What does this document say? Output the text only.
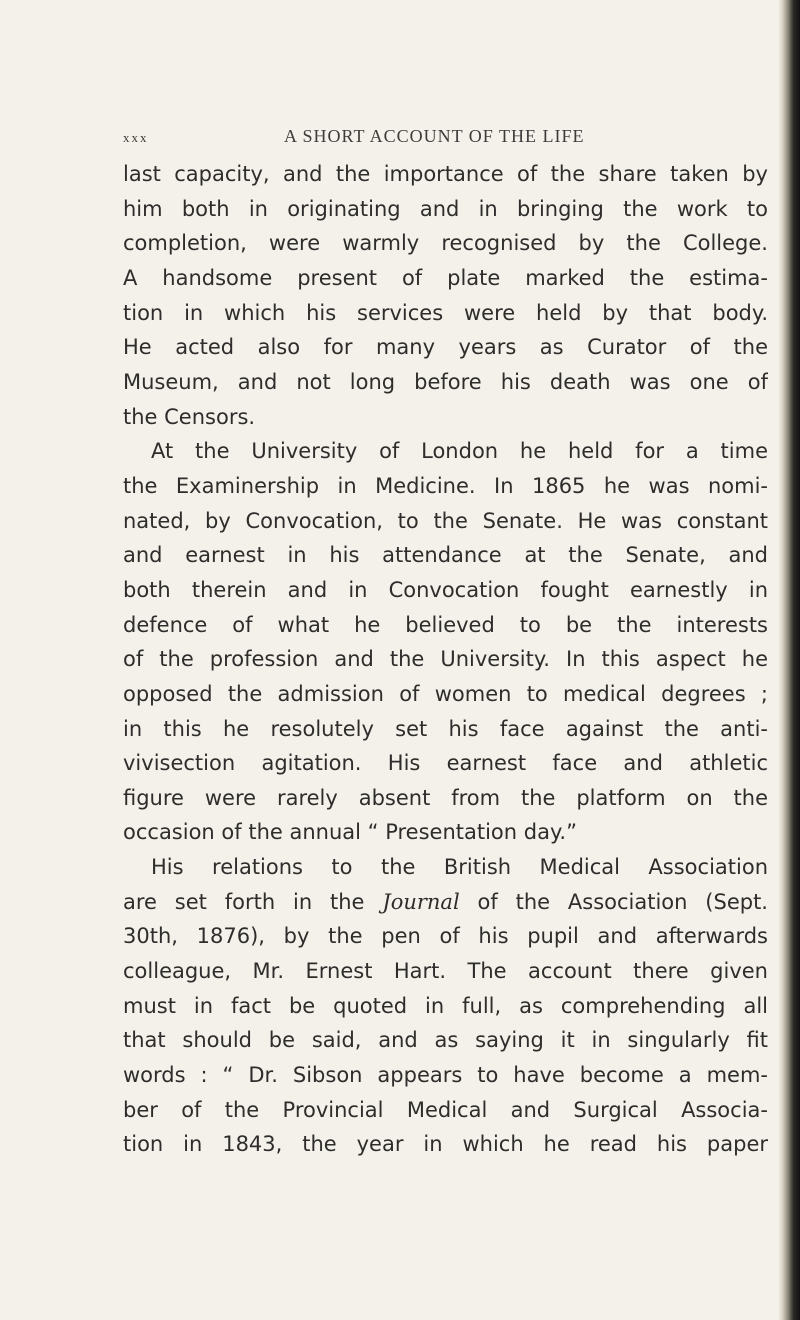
xxx	A SHORT ACCOUNT OF THE LIFE
last capacity, and the importance of the share taken by
him both in originating and in bringing the work to
completion, were warmly recognised by the College.
A handsome present of plate marked the estima-
tion in which his services were held by that body.
He acted also for many years as Curator of the
Museum, and not long before his death was one of
the Censors.
At the University of London he held for a time
the Examinership in Medicine. In 1865 he was nomi-
nated, by Convocation, to the Senate. He was constant
and earnest in his attendance at the Senate, and
both therein and in Convocation fought earnestly in
defence of what he believed to be the interests
of the profession and the University. In this aspect he
opposed the admission of women to medical degrees ;
in this he resolutely set his face against the anti-
vivisection agitation. His earnest face and athletic
figure were rarely absent from the platform on the
occasion of the annual “ Presentation day.”
His relations to the British Medical Association
are set forth in the Journal of the Association (Sept.
30th, 1876), by the pen of his pupil and afterwards
colleague, Mr. Ernest Hart. The account there given
must in fact be quoted in full, as comprehending all
that should be said, and as saying it in singularly fit
words : “ Dr. Sibson appears to have become a mem-
ber of the Provincial Medical and Surgical Associa-
tion in 1843, the year in which he read his paper
